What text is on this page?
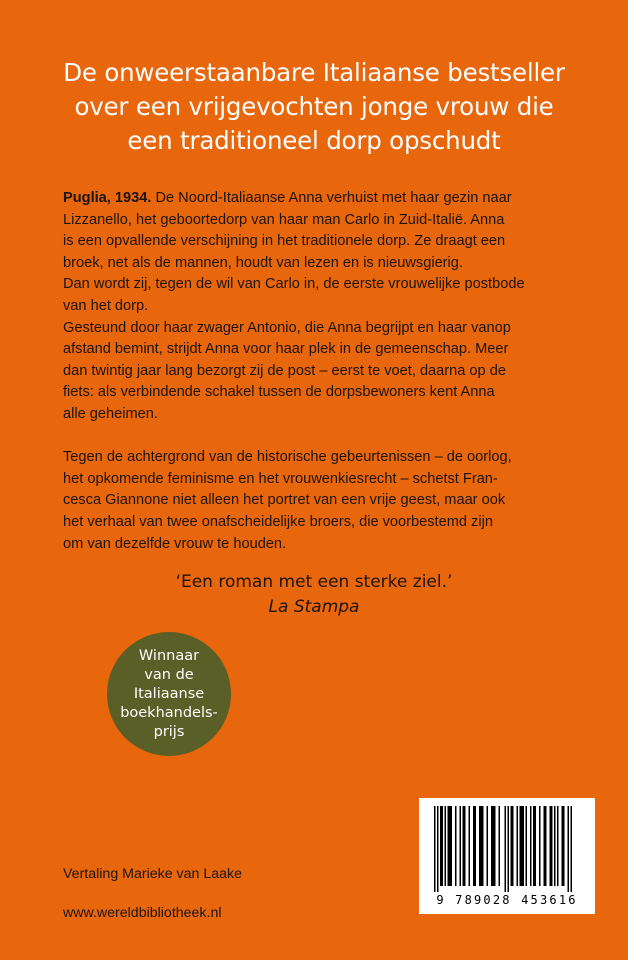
De onweerstaanbare Italiaanse bestseller
over een vrijgevochten jonge vrouw die
een traditioneel dorp opschudt
Puglia, 1934. De Noord-Italiaanse Anna verhuist met haar gezin naar
Lizzanello, het geboortedorp van haar man Carlo in Zuid-Italië. Anna
is een opvallende verschijning in het traditionele dorp. Ze draagt een
broek, net als de mannen, houdt van lezen en is nieuwsgierig.
Dan wordt zij, tegen de wil van Carlo in, de eerste vrouwelijke postbode
van het dorp.
Gesteund door haar zwager Antonio, die Anna begrijpt en haar vanop
afstand bemint, strijdt Anna voor haar plek in de gemeenschap. Meer
dan twintig jaar lang bezorgt zij de post – eerst te voet, daarna op de
fiets: als verbindende schakel tussen de dorpsbewoners kent Anna
alle geheimen.
Tegen de achtergrond van de historische gebeurtenissen – de oorlog,
het opkomende feminisme en het vrouwenkiesrecht – schetst Fran-
cesca Giannone niet alleen het portret van een vrije geest, maar ook
het verhaal van twee onafscheidelijke broers, die voorbestemd zijn
om van dezelfde vrouw te houden.
‘Een roman met een sterke ziel.’
La Stampa
Winnaar
van de
Italiaanse
boekhandels-
prijs
9 789028 453616
Vertaling Marieke van Laake
www.wereldbibliotheek.nl
